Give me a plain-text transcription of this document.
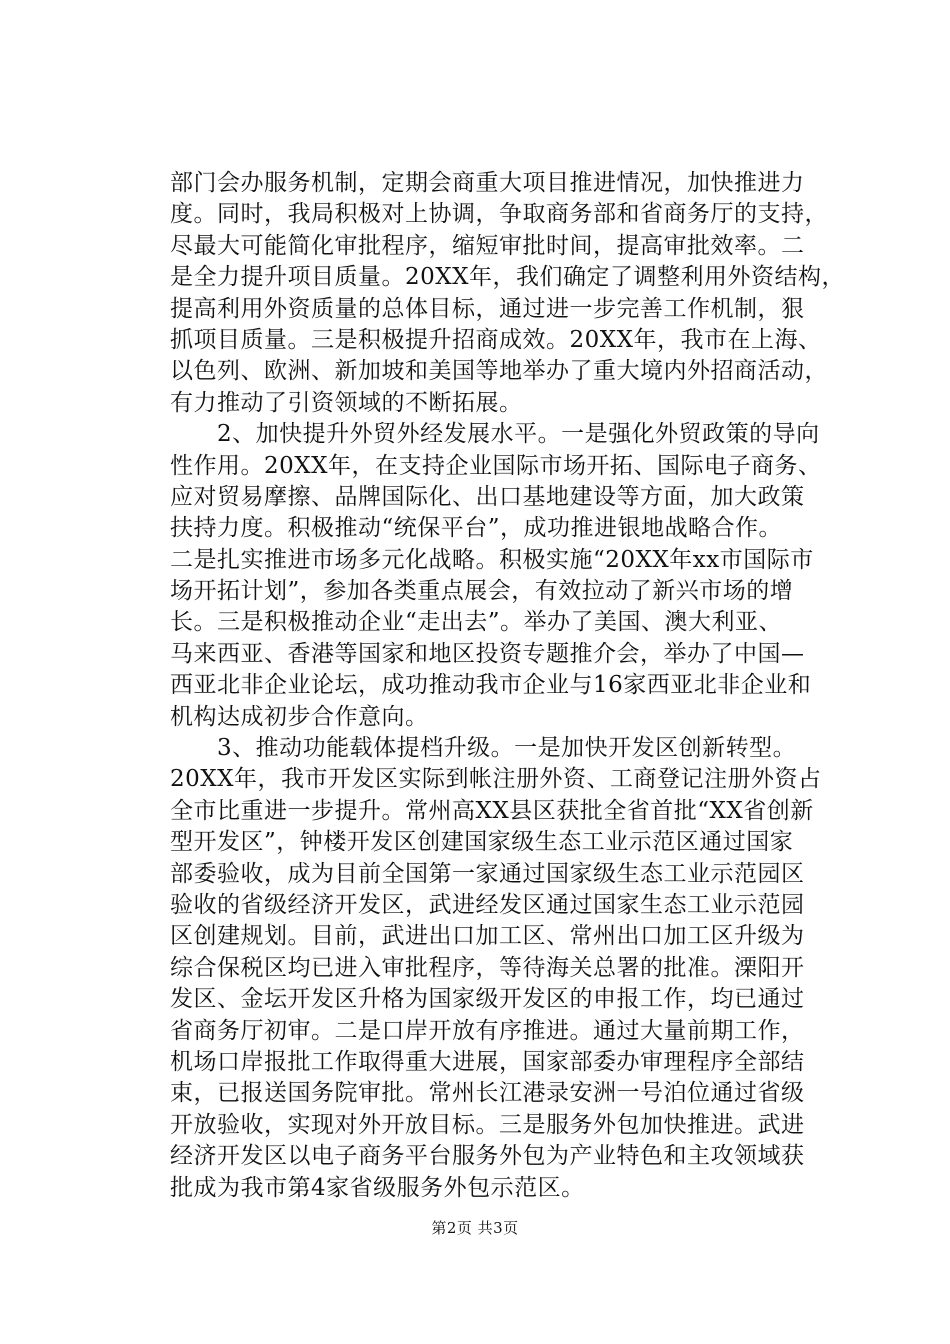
部门会办服务机制，定期会商重大项目推进情况，加快推进力
度。同时，我局积极对上协调，争取商务部和省商务厅的支持，
尽最大可能简化审批程序，缩短审批时间，提高审批效率。二
是全力提升项目质量。20XX年，我们确定了调整利用外资结构，
提高利用外资质量的总体目标，通过进一步完善工作机制，狠
抓项目质量。三是积极提升招商成效。20XX年，我市在上海、
以色列、欧洲、新加坡和美国等地举办了重大境内外招商活动，
有力推动了引资领域的不断拓展。
　　2、加快提升外贸外经发展水平。一是强化外贸政策的导向
性作用。20XX年，在支持企业国际市场开拓、国际电子商务、
应对贸易摩擦、品牌国际化、出口基地建设等方面，加大政策
扶持力度。积极推动“统保平台”，成功推进银地战略合作。
二是扎实推进市场多元化战略。积极实施“20XX年xx市国际市
场开拓计划”，参加各类重点展会，有效拉动了新兴市场的增
长。三是积极推动企业“走出去”。举办了美国、澳大利亚、
马来西亚、香港等国家和地区投资专题推介会，举办了中国—
西亚北非企业论坛，成功推动我市企业与16家西亚北非企业和
机构达成初步合作意向。
　　3、推动功能载体提档升级。一是加快开发区创新转型。
20XX年，我市开发区实际到帐注册外资、工商登记注册外资占
全市比重进一步提升。常州高XX县区获批全省首批“XX省创新
型开发区”，钟楼开发区创建国家级生态工业示范区通过国家
部委验收，成为目前全国第一家通过国家级生态工业示范园区
验收的省级经济开发区，武进经发区通过国家生态工业示范园
区创建规划。目前，武进出口加工区、常州出口加工区升级为
综合保税区均已进入审批程序，等待海关总署的批准。溧阳开
发区、金坛开发区升格为国家级开发区的申报工作，均已通过
省商务厅初审。二是口岸开放有序推进。通过大量前期工作，
机场口岸报批工作取得重大进展，国家部委办审理程序全部结
束，已报送国务院审批。常州长江港录安洲一号泊位通过省级
开放验收，实现对外开放目标。三是服务外包加快推进。武进
经济开发区以电子商务平台服务外包为产业特色和主攻领域获
批成为我市第4家省级服务外包示范区。
第2页 共3页
